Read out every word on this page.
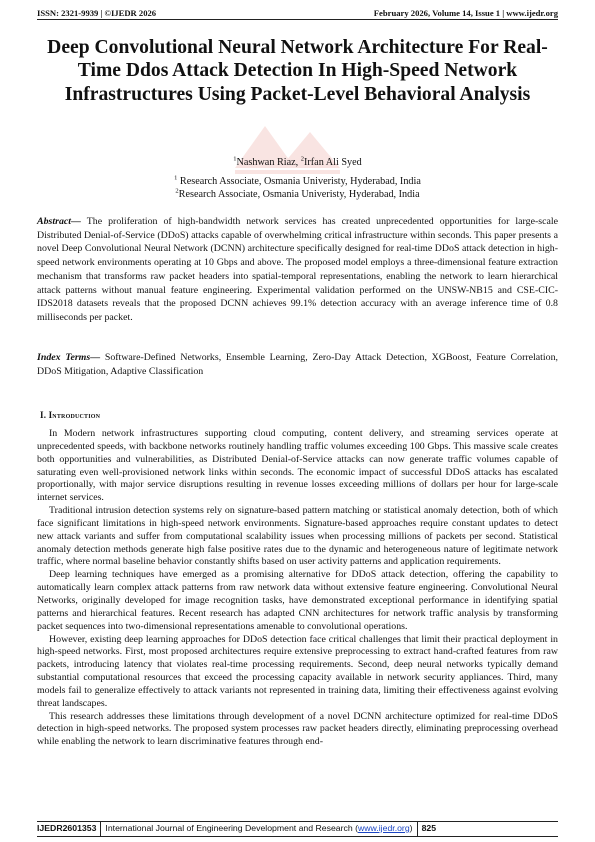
ISSN: 2321-9939 | ©IJEDR 2026	February 2026, Volume 14, Issue 1 | www.ijedr.org
Deep Convolutional Neural Network Architecture For Real-Time Ddos Attack Detection In High-Speed Network Infrastructures Using Packet-Level Behavioral Analysis
$^1$Nashwan Riaz, $^2$Irfan Ali Syed
$^1$ Research Associate, Osmania Univeristy, Hyderabad, India
$^2$Research Associate, Osmania Univeristy, Hyderabad, India
Abstract— The proliferation of high-bandwidth network services has created unprecedented opportunities for large-scale Distributed Denial-of-Service (DDoS) attacks capable of overwhelming critical infrastructure within seconds. This paper presents a novel Deep Convolutional Neural Network (DCNN) architecture specifically designed for real-time DDoS attack detection in high-speed network environments operating at 10 Gbps and above. The proposed model employs a three-dimensional feature extraction mechanism that transforms raw packet headers into spatial-temporal representations, enabling the network to learn hierarchical attack patterns without manual feature engineering. Experimental validation performed on the UNSW-NB15 and CSE-CIC-IDS2018 datasets reveals that the proposed DCNN achieves 99.1% detection accuracy with an average inference time of 0.8 milliseconds per packet.
Index Terms— Software-Defined Networks, Ensemble Learning, Zero-Day Attack Detection, XGBoost, Feature Correlation, DDoS Mitigation, Adaptive Classification
I. Introduction

In Modern network infrastructures supporting cloud computing, content delivery, and streaming services operate at unprecedented speeds, with backbone networks routinely handling traffic volumes exceeding 100 Gbps. This massive scale creates both opportunities and vulnerabilities, as Distributed Denial-of-Service attacks can now generate traffic volumes capable of saturating even well-provisioned network links within seconds. The economic impact of successful DDoS attacks has escalated proportionally, with major service disruptions resulting in revenue losses exceeding millions of dollars per hour for large-scale internet services.

Traditional intrusion detection systems rely on signature-based pattern matching or statistical anomaly detection, both of which face significant limitations in high-speed network environments. Signature-based approaches require constant updates to detect new attack variants and suffer from computational scalability issues when processing millions of packets per second. Statistical anomaly detection methods generate high false positive rates due to the dynamic and heterogeneous nature of legitimate network traffic, where normal baseline behavior constantly shifts based on user activity patterns and application requirements.

Deep learning techniques have emerged as a promising alternative for DDoS attack detection, offering the capability to automatically learn complex attack patterns from raw network data without extensive feature engineering. Convolutional Neural Networks, originally developed for image recognition tasks, have demonstrated exceptional performance in identifying spatial patterns and hierarchical features. Recent research has adapted CNN architectures for network traffic analysis by transforming packet sequences into two-dimensional representations amenable to convolutional operations.

However, existing deep learning approaches for DDoS detection face critical challenges that limit their practical deployment in high-speed networks. First, most proposed architectures require extensive preprocessing to extract hand-crafted features from raw packets, introducing latency that violates real-time processing requirements. Second, deep neural networks typically demand substantial computational resources that exceed the processing capacity available in network security appliances. Third, many models fail to generalize effectively to attack variants not represented in training data, limiting their effectiveness against evolving threat landscapes.

This research addresses these limitations through development of a novel DCNN architecture optimized for real-time DDoS detection in high-speed networks. The proposed system processes raw packet headers directly, eliminating preprocessing overhead while enabling the network to learn discriminative features through end-

IJEDR2601353	International Journal of Engineering Development and Research (www.ijedr.org)	825
